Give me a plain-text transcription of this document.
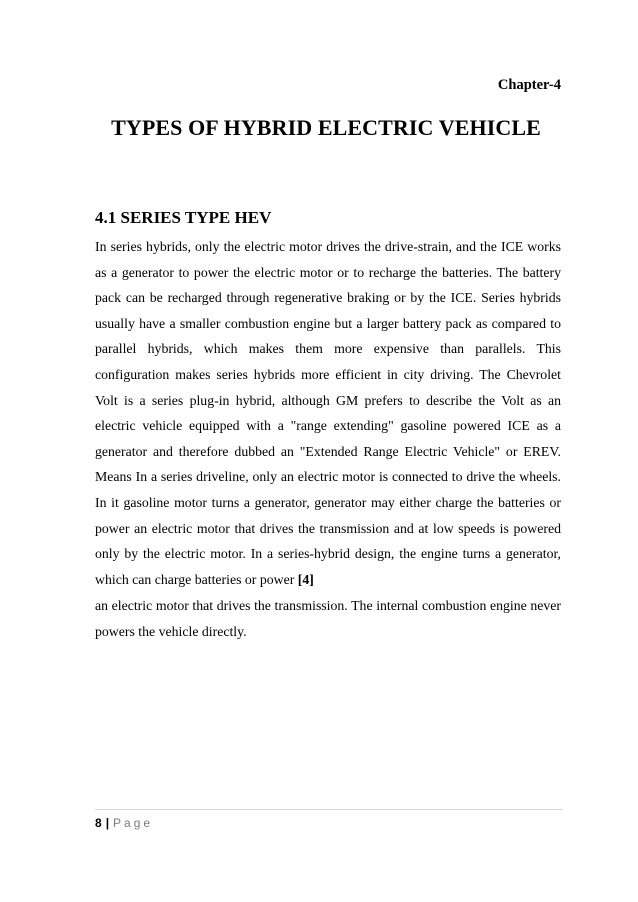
Chapter-4
TYPES OF HYBRID ELECTRIC VEHICLE
4.1 SERIES TYPE HEV
In series hybrids, only the electric motor drives the drive-strain, and the ICE works as a generator to power the electric motor or to recharge the batteries. The battery pack can be recharged through regenerative braking or by the ICE. Series hybrids usually have a smaller combustion engine but a larger battery pack as compared to parallel hybrids, which makes them more expensive than parallels. This configuration makes series hybrids more efficient in city driving. The Chevrolet Volt is a series plug-in hybrid, although GM prefers to describe the Volt as an electric vehicle equipped with a "range extending" gasoline powered ICE as a generator and therefore dubbed an "Extended Range Electric Vehicle" or EREV. Means In a series driveline, only an electric motor is connected to drive the wheels. In it gasoline motor turns a generator, generator may either charge the batteries or power an electric motor that drives the transmission and at low speeds is powered only by the electric motor. In a series-hybrid design, the engine turns a generator, which can charge batteries or power [4]
an electric motor that drives the transmission. The internal combustion engine never powers the vehicle directly.
8 | Page
